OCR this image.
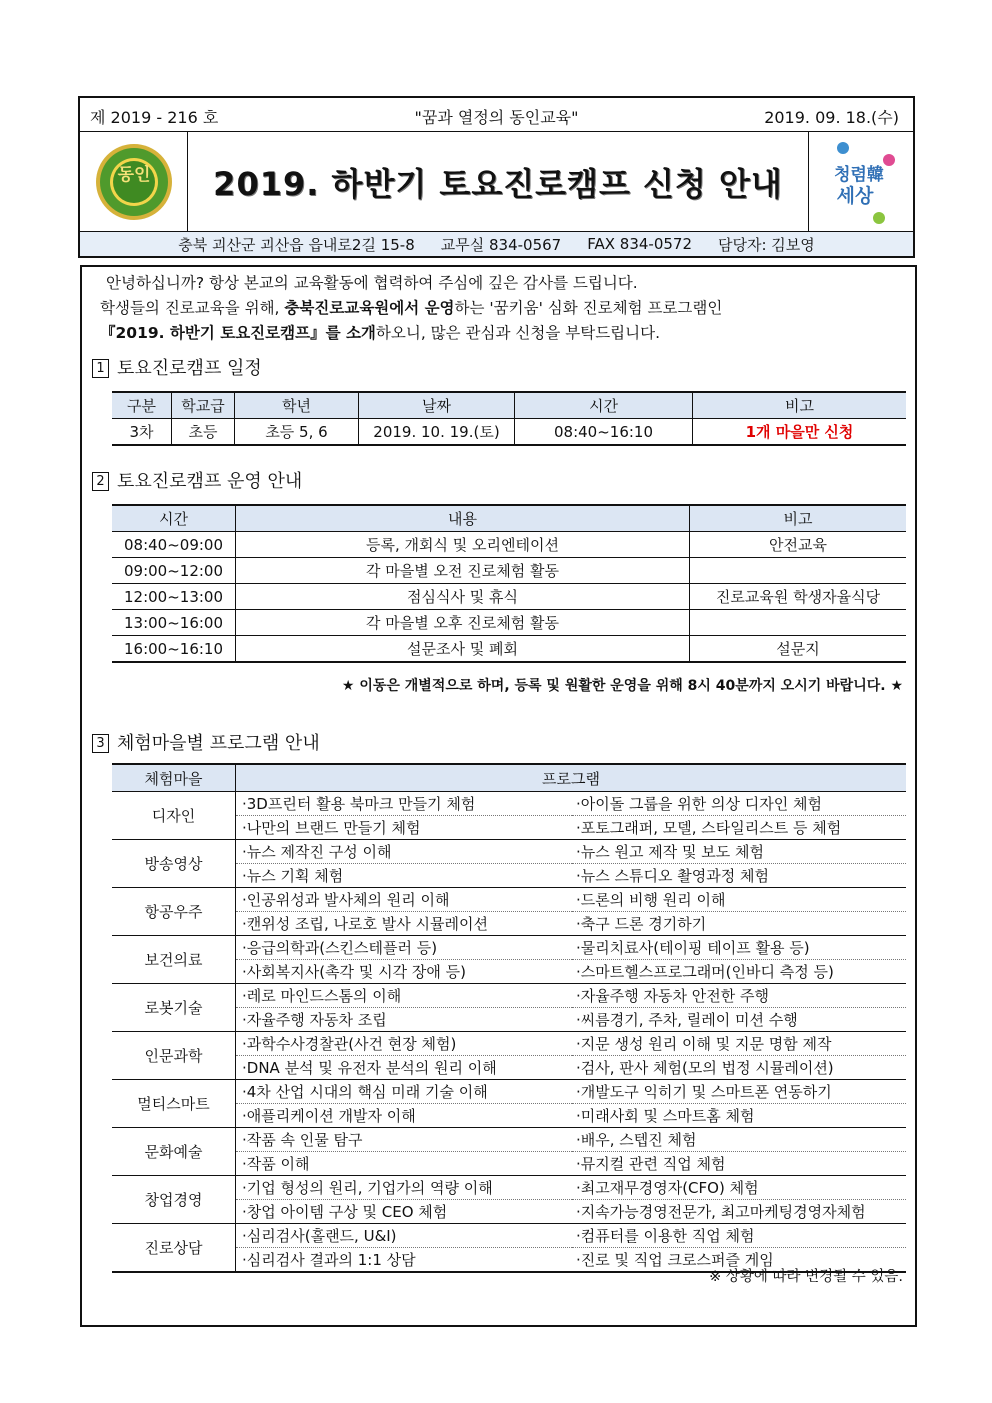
제 2019 - 216 호	"꿈과 열정의 동인교육"	2019. 09. 18.(수)
동인	2019. 하반기 토요진로캠프 신청 안내	청렴韓
세상
충북 괴산군 괴산읍 읍내로2길 15-8 교무실 834-0567 FAX 834-0572 담당자: 김보영
안녕하십니까? 항상 본교의 교육활동에 협력하여 주심에 깊은 감사를 드립니다.
학생들의 진로교육을 위해, 충북진로교육원에서 운영하는 '꿈키움' 심화 진로체험 프로그램인
『2019. 하반기 토요진로캠프』를 소개하오니, 많은 관심과 신청을 부탁드립니다.
1 토요진로캠프 일정
구분	학교급	학년	날짜	시간	비고
3차	초등	초등 5, 6	2019. 10. 19.(토)	08:40~16:10	1개 마을만 신청
2 토요진로캠프 운영 안내
시간	내용	비고
08:40~09:00	등록, 개회식 및 오리엔테이션	안전교육
09:00~12:00	각 마을별 오전 진로체험 활동	
12:00~13:00	점심식사 및 휴식	진로교육원 학생자율식당
13:00~16:00	각 마을별 오후 진로체험 활동	
16:00~16:10	설문조사 및 폐회	설문지
★ 이동은 개별적으로 하며, 등록 및 원활한 운영을 위해 8시 40분까지 오시기 바랍니다. ★
3 체험마을별 프로그램 안내
체험마을	프로그램	
디자인	·3D프린터 활용 북마크 만들기 체험	·아이돌 그룹을 위한 의상 디자인 체험
	·나만의 브랜드 만들기 체험	·포토그래퍼, 모델, 스타일리스트 등 체험
방송영상	·뉴스 제작진 구성 이해	·뉴스 원고 제작 및 보도 체험
	·뉴스 기획 체험	·뉴스 스튜디오 촬영과정 체험
항공우주	·인공위성과 발사체의 원리 이해	·드론의 비행 원리 이해
	·캔위성 조립, 나로호 발사 시뮬레이션	·축구 드론 경기하기
보건의료	·응급의학과(스킨스테플러 등)	·물리치료사(테이핑 테이프 활용 등)
	·사회복지사(촉각 및 시각 장애 등)	·스마트헬스프로그래머(인바디 측정 등)
로봇기술	·레로 마인드스톰의 이해	·자율주행 자동차 안전한 주행
	·자율주행 자동차 조립	·씨름경기, 주차, 릴레이 미션 수행
인문과학	·과학수사경찰관(사건 현장 체험)	·지문 생성 원리 이해 및 지문 명함 제작
	·DNA 분석 및 유전자 분석의 원리 이해	·검사, 판사 체험(모의 법정 시뮬레이션)
멀티스마트	·4차 산업 시대의 핵심 미래 기술 이해	·개발도구 익히기 및 스마트폰 연동하기
	·애플리케이션 개발자 이해	·미래사회 및 스마트홈 체험
문화예술	·작품 속 인물 탐구	·배우, 스텝진 체험
	·작품 이해	·뮤지컬 관련 직업 체험
창업경영	·기업 형성의 원리, 기업가의 역량 이해	·최고재무경영자(CFO) 체험
	·창업 아이템 구상 및 CEO 체험	·지속가능경영전문가, 최고마케팅경영자체험
진로상담	·심리검사(홀랜드, U&I)	·컴퓨터를 이용한 직업 체험
	·심리검사 결과의 1:1 상담	·진로 및 직업 크로스퍼즐 게임
※ 상황에 따라 변경될 수 있음.
